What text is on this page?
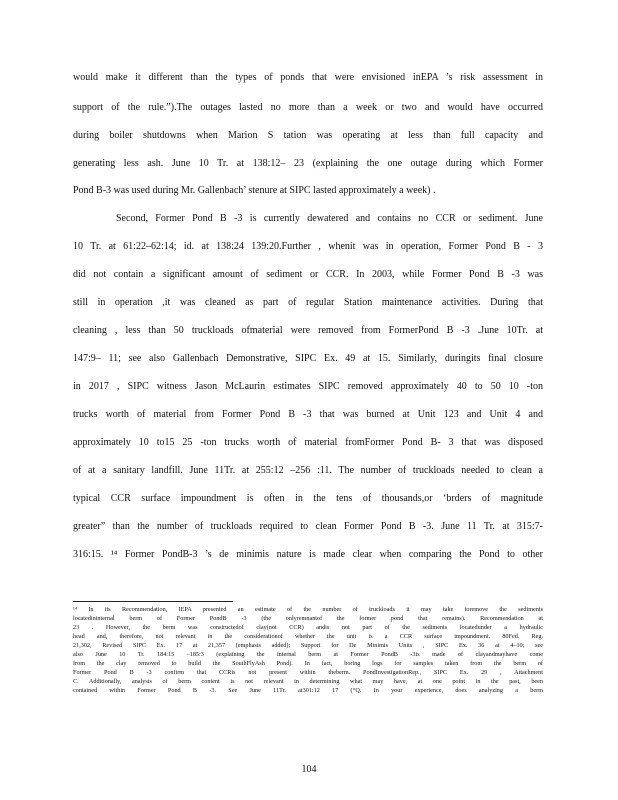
would make it different than the types of ponds that were envisioned inEPA ’s risk assessment in
support of the rule.”).The outages lasted no more than a week or two and would have occurred
during boiler shutdowns when Marion S tation was operating at less than full capacity and
generating less ash. June 10 Tr. at 138:12– 23 (explaining the one outage during which Former
Pond B-3 was used during Mr. Gallenbach’ stenure at SIPC lasted approximately a week) .
Second, Former Pond B -3 is currently dewatered and contains no CCR or sediment. June
10 Tr. at 61:22–62:14; id. at 138:24 139:20.Further , whenit was in operation, Former Pond B - 3
did not contain a significant amount of sediment or CCR. In 2003, while Former Pond B -3 was
still in operation ,it was cleaned as part of regular Station maintenance activities. During that
cleaning , less than 50 truckloads ofmaterial were removed from FormerPond B -3 .June 10Tr. at
147:9– 11; see also Gallenbach Demonstrative, SIPC Ex. 49 at 15. Similarly, duringits final closure
in 2017 , SIPC witness Jason McLaurin estimates SIPC removed approximately 40 to 50 10 -ton
trucks worth of material from Former Pond B -3 that was burned at Unit 123 and Unit 4 and
approximately 10 to15 25 -ton trucks worth of material fromFormer Pond B- 3 that was disposed
of at a sanitary landfill. June 11Tr. at 255:12 –256 :11. The number of truckloads needed to clean a
typical CCR surface impoundment is often in the tens of thousands,or ‘brders of magnitude
greater” than the number of truckloads required to clean Former Pond B -3. June 11 Tr. at 315:7-
316:15. ¹⁴ Former PondB-3 ’s de minimis nature is made clear when comparing the Pond to other
¹⁴ In its Recommendation, IEPA presented an estimate of the number of truckloads it may take toremove the sediments
locatedininternal berm of Former PondB -3 (the onlyremnantof the former pond that remains). Recommendation at
23 . However, the berm was constructedof clay(not CCR) andis not part of the sediments locatedunder a hydraulic
head and, therefore, not relevant in the considerationof whether the unit is a CCR surface impoundment. 80Fed. Reg.
21,302, Revised SIPC Ex. 17 at 21,357 (emphasis added); Support for De Minimis Units , SIPC Ex. 36 at 4–10; see
also June 10 Tr. 184:15 –185:3 (explaining the internal berm at Former PondB -3is made of clayandmayhave come
from the clay removed to build the SouthFlyAsh Pond). In fact, boring logs for samples taken from the berm of
Former Pond B -3 confirm that CCRis not present within theberm. PondInvestigationRep., SIPC Ex. 29 , Attachment
C. Additionally, analysis of berm content is not relevant in determining what may have, at one point in the past, been
contained within Former Pond B -3. See June 11Tr. at301:12 17 (“Q. In your experience, does analyzing a berm
104
